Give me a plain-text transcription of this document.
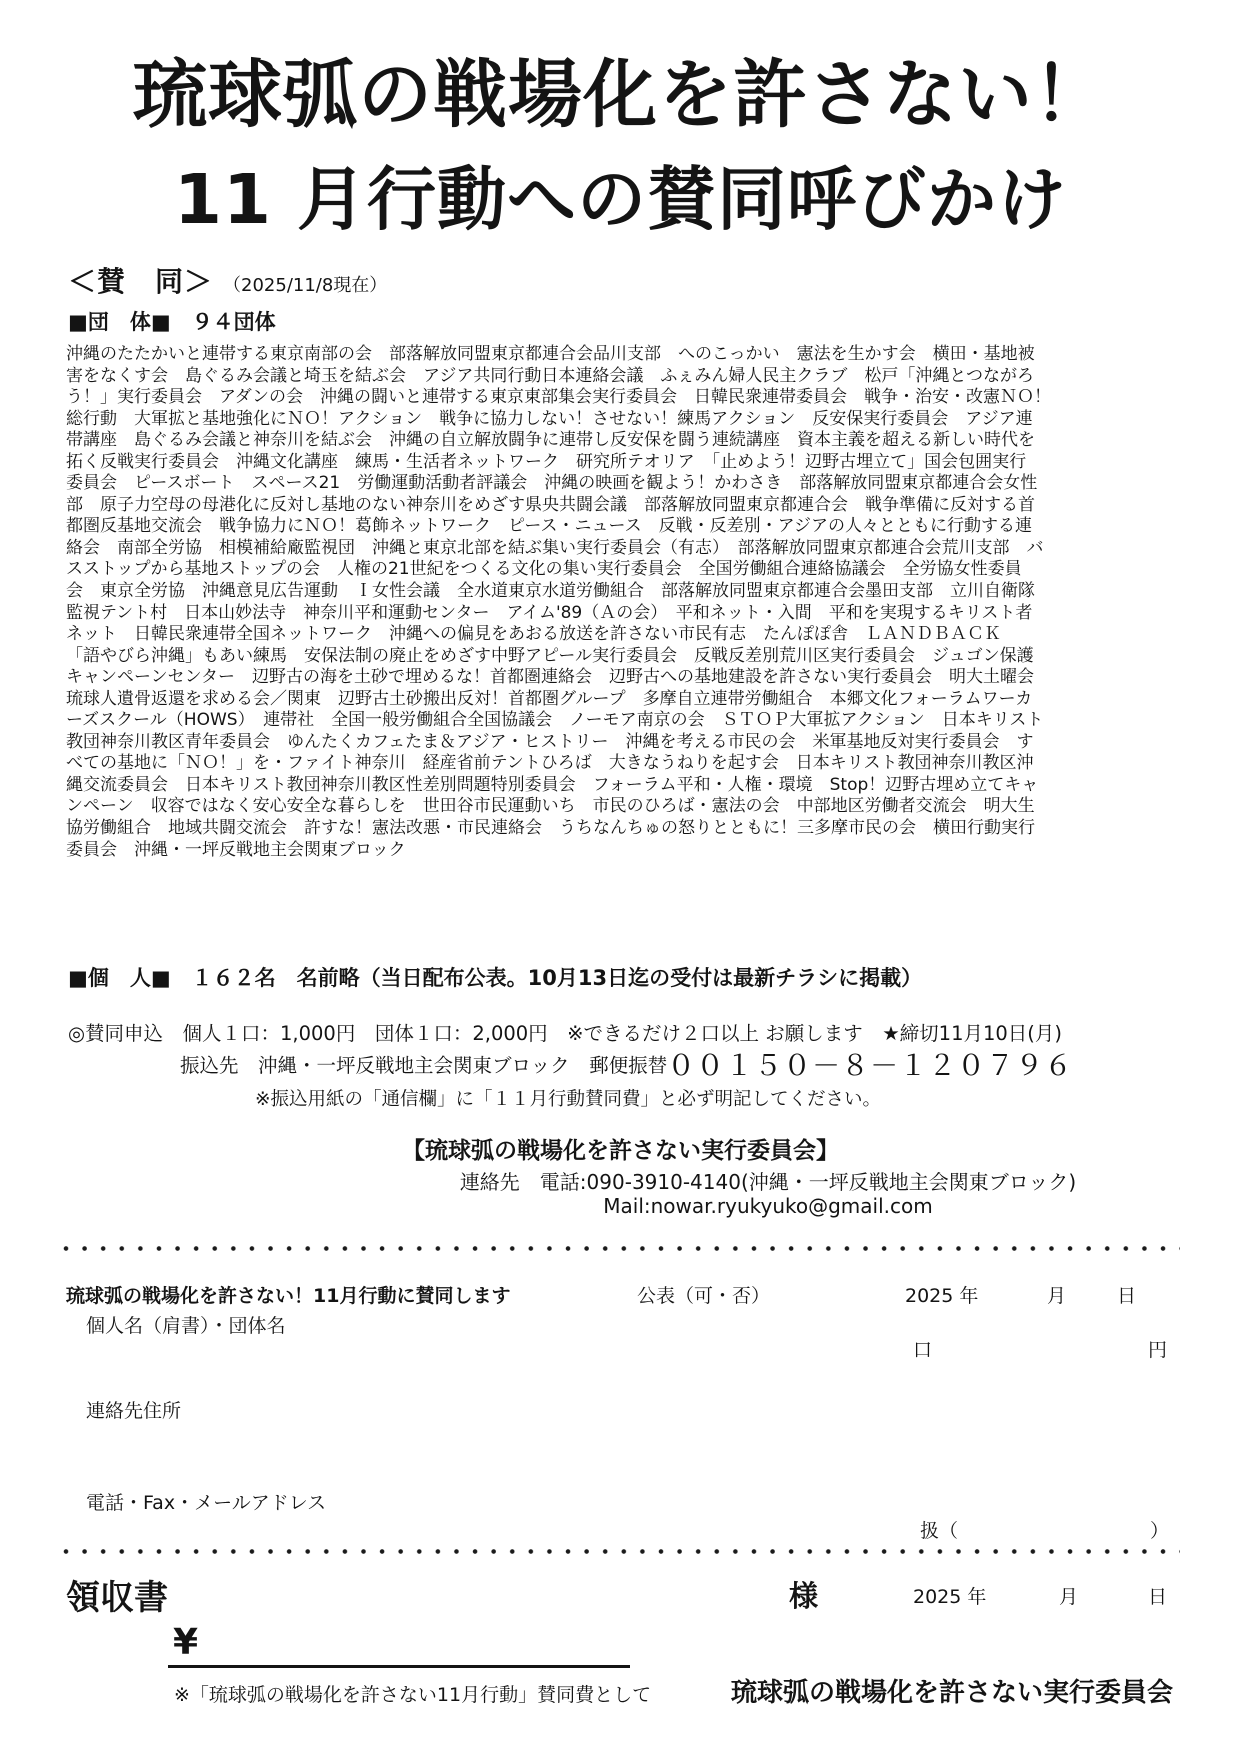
琉球弧の戦場化を許さない！
11 月行動への賛同呼びかけ
＜賛　同＞ （2025/11/8現在）
■団　体■　９４団体
沖縄のたたかいと連帯する東京南部の会　部落解放同盟東京都連合会品川支部　へのこっかい　憲法を生かす会　横田・基地被
害をなくす会　島ぐるみ会議と埼玉を結ぶ会　アジア共同行動日本連絡会議　ふぇみん婦人民主クラブ　松戸「沖縄とつながろ
う！」実行委員会　アダンの会　沖縄の闘いと連帯する東京東部集会実行委員会　日韓民衆連帯委員会　戦争・治安・改憲ＮＯ！
総行動　大軍拡と基地強化にＮＯ！アクション　戦争に協力しない！させない！練馬アクション　反安保実行委員会　アジア連
帯講座　島ぐるみ会議と神奈川を結ぶ会　沖縄の自立解放闘争に連帯し反安保を闘う連続講座　資本主義を超える新しい時代を
拓く反戦実行委員会　沖縄文化講座　練馬・生活者ネットワーク　研究所テオリア　「止めよう！辺野古埋立て」国会包囲実行
委員会　ピースボート　スペース21　労働運動活動者評議会　沖縄の映画を観よう！かわさき　部落解放同盟東京都連合会女性
部　原子力空母の母港化に反対し基地のない神奈川をめざす県央共闘会議　部落解放同盟東京都連合会　戦争準備に反対する首
都圏反基地交流会　戦争協力にＮＯ！葛飾ネットワーク　ピース・ニュース　反戦・反差別・アジアの人々とともに行動する連
絡会　南部全労協　相模補給廠監視団　沖縄と東京北部を結ぶ集い実行委員会（有志）　部落解放同盟東京都連合会荒川支部　バ
スストップから基地ストップの会　人権の21世紀をつくる文化の集い実行委員会　全国労働組合連絡協議会　全労協女性委員
会　東京全労協　沖縄意見広告運動　Ｉ女性会議　全水道東京水道労働組合　部落解放同盟東京都連合会墨田支部　立川自衛隊
監視テント村　日本山妙法寺　神奈川平和運動センター　アイム'89（Ａの会）　平和ネット・入間　平和を実現するキリスト者
ネット　日韓民衆連帯全国ネットワーク　沖縄への偏見をあおる放送を許さない市民有志　たんぽぽ舎　ＬＡＮＤＢＡＣＫ
「語やびら沖縄」もあい練馬　安保法制の廃止をめざす中野アピール実行委員会　反戦反差別荒川区実行委員会　ジュゴン保護
キャンペーンセンター　辺野古の海を土砂で埋めるな！首都圏連絡会　辺野古への基地建設を許さない実行委員会　明大土曜会
琉球人遺骨返還を求める会／関東　辺野古土砂搬出反対！首都圏グループ　多摩自立連帯労働組合　本郷文化フォーラムワーカ
ーズスクール（HOWS）　連帯社　全国一般労働組合全国協議会　ノーモア南京の会　ＳＴＯＰ大軍拡アクション　日本キリスト
教団神奈川教区青年委員会　ゆんたくカフェたま＆アジア・ヒストリー　沖縄を考える市民の会　米軍基地反対実行委員会　す
べての基地に「ＮＯ！」を・ファイト神奈川　経産省前テントひろば　大きなうねりを起す会　日本キリスト教団神奈川教区沖
縄交流委員会　日本キリスト教団神奈川教区性差別問題特別委員会　フォーラム平和・人権・環境　Stop！辺野古埋め立てキャ
ンペーン　収容ではなく安心安全な暮らしを　世田谷市民運動いち　市民のひろば・憲法の会　中部地区労働者交流会　明大生
協労働組合　地域共闘交流会　許すな！憲法改悪・市民連絡会　うちなんちゅの怒りとともに！三多摩市民の会　横田行動実行
委員会　沖縄・一坪反戦地主会関東ブロック
■個　人■　１６２名　名前略（当日配布公表。10月13日迄の受付は最新チラシに掲載）
◎賛同申込　個人１口：1,000円　団体１口：2,000円　※できるだけ２口以上 お願します　★締切11月10日(月)
振込先　沖縄・一坪反戦地主会関東ブロック　郵便振替００１５０－８－１２０７９６
※振込用紙の「通信欄」に「１１月行動賛同費」と必ず明記してください。
【琉球弧の戦場化を許さない実行委員会】
連絡先　電話:090-3910-4140(沖縄・一坪反戦地主会関東ブロック)
Mail:nowar.ryukyuko@gmail.com
琉球弧の戦場化を許さない！11月行動に賛同します	公表（可・否）	2025 年	月	日
個人名（肩書）・団体名
口	円
連絡先住所
電話・Fax・メールアドレス
扱（	）
領収書	様	2025 年	月	日
¥
※「琉球弧の戦場化を許さない11月行動」賛同費として	琉球弧の戦場化を許さない実行委員会
